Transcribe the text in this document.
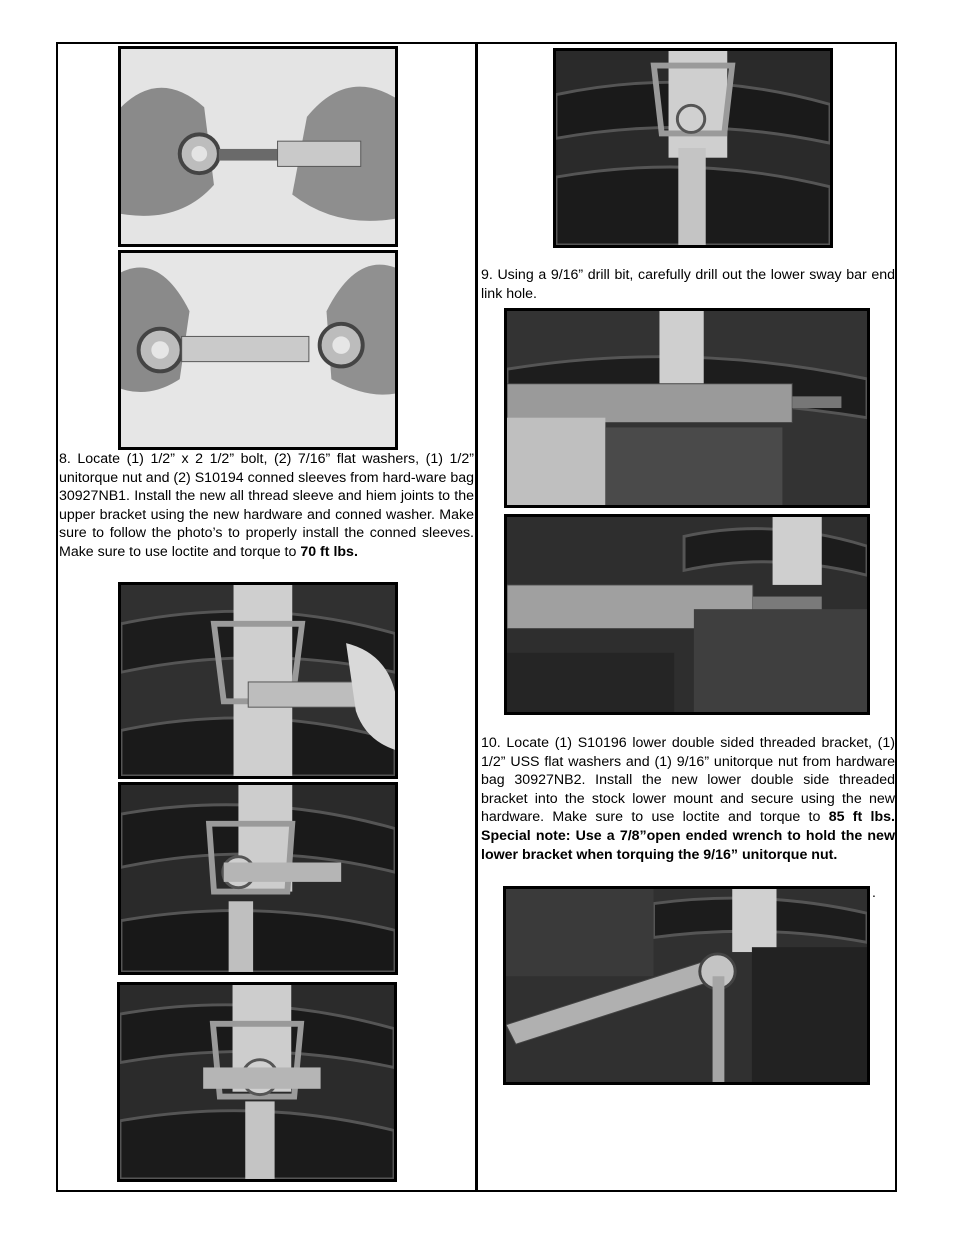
8. Locate (1) 1/2” x 2 1/2” bolt, (2) 7/16” flat washers, (1) 1/2” unitorque nut and (2) S10194 conned sleeves from hard-ware bag 30927NB1. Install the new all thread sleeve and hiem joints to the upper bracket using the new hardware and conned washer. Make sure to follow the photo’s to properly install the conned sleeves. Make sure to use loctite and torque to 70 ft lbs.
9. Using a 9/16” drill bit, carefully drill out the lower sway bar end link hole.
10. Locate (1) S10196 lower double sided threaded bracket, (1) 1/2” USS flat washers and (1) 9/16” unitorque nut from hardware bag 30927NB2. Install the new lower double side threaded bracket into the stock lower mount and secure using the new hardware. Make sure to use loctite and torque to 85 ft lbs. Special note: Use a 7/8”open ended wrench to hold the new lower bracket when torquing the 9/16” unitorque nut.
.
